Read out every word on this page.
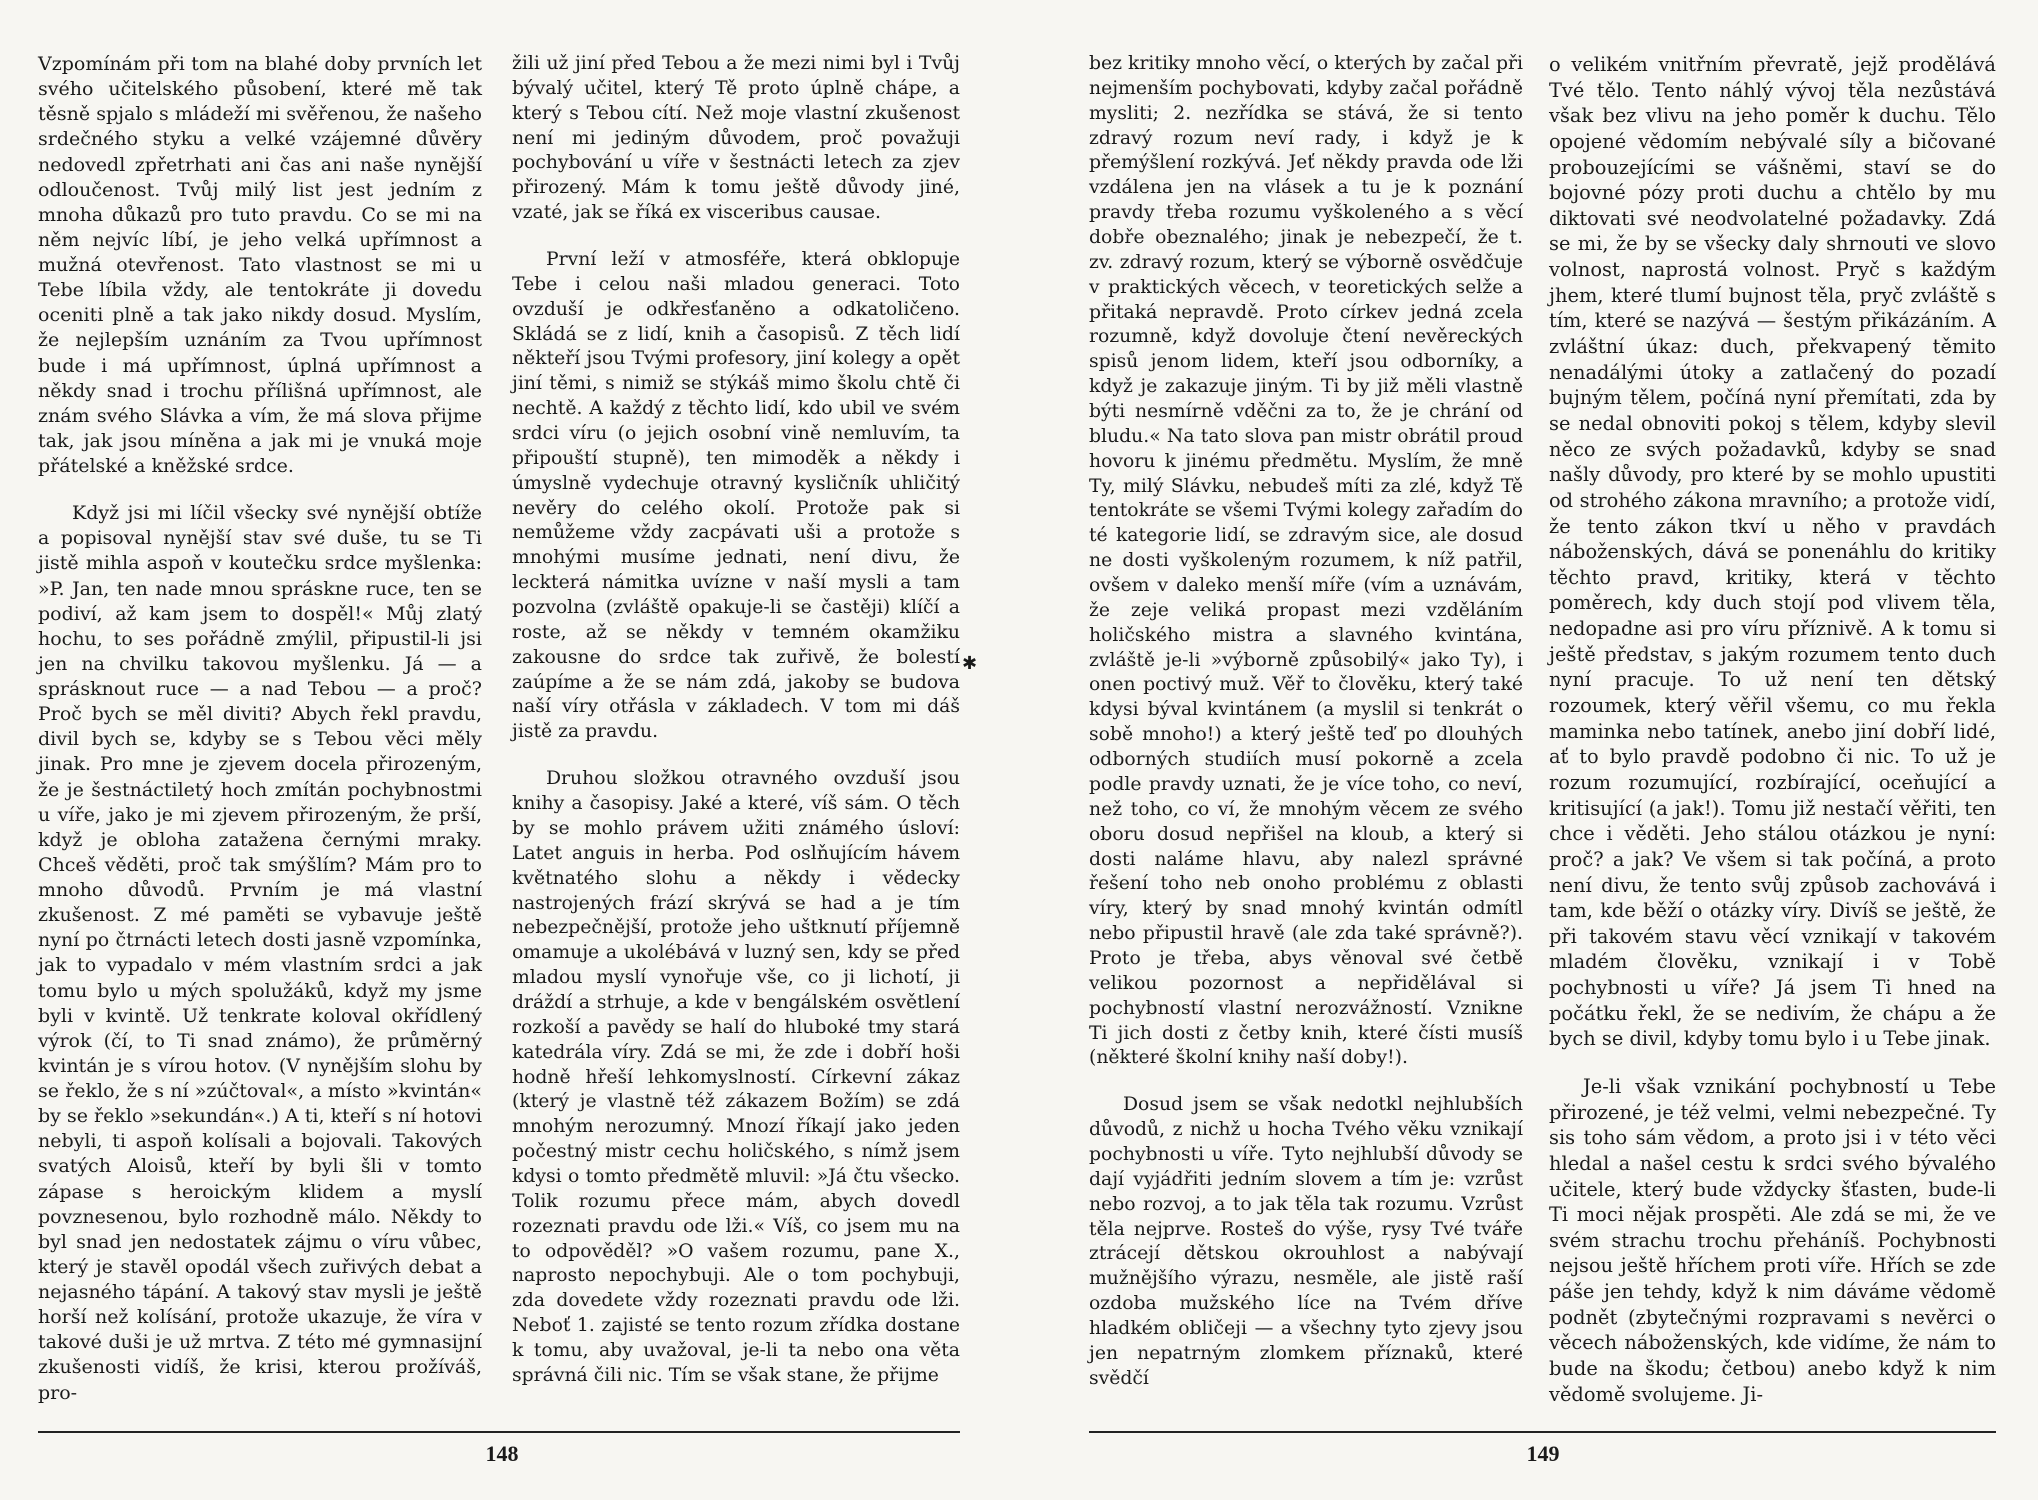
Vzpomínám při tom na blahé doby prvních let svého učitelského působení, které mě tak těsně spjalo s mládeží mi svěřenou, že našeho srdečného styku a velké vzájemné důvěry nedovedl zpřetrhati ani čas ani naše nynější odloučenost. Tvůj milý list jest jedním z mnoha důkazů pro tuto pravdu. Co se mi na něm nejvíc líbí, je jeho velká upřímnost a mužná otevřenost. Tato vlastnost se mi u Tebe líbila vždy, ale tentokráte ji dovedu oceniti plně a tak jako nikdy dosud. Myslím, že nejlepším uznáním za Tvou upřímnost bude i má upřímnost, úplná upřímnost a někdy snad i trochu přílišná upřímnost, ale znám svého Slávka a vím, že má slova přijme tak, jak jsou míněna a jak mi je vnuká moje přátelské a kněžské srdce.

Když jsi mi líčil všecky své nynější obtíže a popisoval nynější stav své duše, tu se Ti jistě mihla aspoň v koutečku srdce myšlenka: »P. Jan, ten nade mnou spráskne ruce, ten se podiví, až kam jsem to dospěl!« Můj zlatý hochu, to ses pořádně zmýlil, připustil-li jsi jen na chvilku takovou myšlenku. Já — a sprásknout ruce — a nad Tebou — a proč? Proč bych se měl diviti? Abych řekl pravdu, divil bych se, kdyby se s Tebou věci měly jinak. Pro mne je zjevem docela přirozeným, že je šestnáctiletý hoch zmítán pochybnostmi u víře, jako je mi zjevem přirozeným, že prší, když je obloha zatažena černými mraky. Chceš věděti, proč tak smýšlím? Mám pro to mnoho důvodů. Prvním je má vlastní zkušenost. Z mé paměti se vybavuje ještě nyní po čtrnácti letech dosti jasně vzpomínka, jak to vypadalo v mém vlastním srdci a jak tomu bylo u mých spolužáků, když my jsme byli v kvintě. Už tenkrate koloval okřídlený výrok (čí, to Ti snad známo), že průměrný kvintán je s vírou hotov. (V nynějším slohu by se řeklo, že s ní »zúčtoval«, a místo »kvintán« by se řeklo »sekundán«.) A ti, kteří s ní hotovi nebyli, ti aspoň kolísali a bojovali. Takových svatých Aloisů, kteří by byli šli v tomto zápase s heroickým klidem a myslí povznesenou, bylo rozhodně málo. Někdy to byl snad jen nedostatek zájmu o víru vůbec, který je stavěl opodál všech zuřivých debat a nejasného tápání. A takový stav mysli je ještě horší než kolísání, protože ukazuje, že víra v takové duši je už mrtva. Z této mé gymnasijní zkušenosti vidíš, že krisi, kterou prožíváš, pro-

žili už jiní před Tebou a že mezi nimi byl i Tvůj bývalý učitel, který Tě proto úplně chápe, a který s Tebou cítí. Než moje vlastní zkušenost není mi jediným důvodem, proč považuji pochybování u víře v šestnácti letech za zjev přirozený. Mám k tomu ještě důvody jiné, vzaté, jak se říká ex visceribus causae.

První leží v atmosféře, která obklopuje Tebe i celou naši mladou generaci. Toto ovzduší je odkřesťaněno a odkatoličeno. Skládá se z lidí, knih a časopisů. Z těch lidí někteří jsou Tvými profesory, jiní kolegy a opět jiní těmi, s nimiž se stýkáš mimo školu chtě či nechtě. A každý z těchto lidí, kdo ubil ve svém srdci víru (o jejich osobní vině nemluvím, ta připouští stupně), ten mimoděk a někdy i úmyslně vydechuje otravný kysličník uhličitý nevěry do celého okolí. Protože pak si nemůžeme vždy zacpávati uši a protože s mnohými musíme jednati, není divu, že leckterá námitka uvízne v naší mysli a tam pozvolna (zvláště opakuje-li se častěji) klíčí a roste, až se někdy v temném okamžiku zakousne do srdce tak zuřivě, že bolestí zaúpíme a že se nám zdá, jakoby se budova naší víry otřásla v základech. V tom mi dáš jistě za pravdu.

Druhou složkou otravného ovzduší jsou knihy a časopisy. Jaké a které, víš sám. O těch by se mohlo právem užiti známého úsloví: Latet anguis in herba. Pod oslňujícím hávem květnatého slohu a někdy i vědecky nastrojených frází skrývá se had a je tím nebezpečnější, protože jeho uštknutí příjemně omamuje a ukolébává v luzný sen, kdy se před mladou myslí vynořuje vše, co ji lichotí, ji dráždí a strhuje, a kde v bengálském osvětlení rozkoší a pavědy se halí do hluboké tmy stará katedrála víry. Zdá se mi, že zde i dobří hoši hodně hřeší lehkomyslností. Církevní zákaz (který je vlastně též zákazem Božím) se zdá mnohým nerozumný. Mnozí říkají jako jeden počestný mistr cechu holičského, s nímž jsem kdysi o tomto předmětě mluvil: »Já čtu všecko. Tolik rozumu přece mám, abych dovedl rozeznati pravdu ode lži.« Víš, co jsem mu na to odpověděl? »O vašem rozumu, pane X., naprosto nepochybuji. Ale o tom pochybuji, zda dovedete vždy rozeznati pravdu ode lži. Neboť 1. zajisté se tento rozum zřídka dostane k tomu, aby uvažoval, je-li ta nebo ona věta správná čili nic. Tím se však stane, že přijme

✱
148

bez kritiky mnoho věcí, o kterých by začal při nejmenším pochybovati, kdyby začal pořádně mysliti; 2. nezřídka se stává, že si tento zdravý rozum neví rady, i když je k přemýšlení rozkývá. Jeť někdy pravda ode lži vzdálena jen na vlásek a tu je k poznání pravdy třeba rozumu vyškoleného a s věcí dobře obeznalého; jinak je nebezpečí, že t. zv. zdravý rozum, který se výborně osvědčuje v praktických věcech, v teoretických selže a přitaká nepravdě. Proto církev jedná zcela rozumně, když dovoluje čtení nevěreckých spisů jenom lidem, kteří jsou odborníky, a když je zakazuje jiným. Ti by již měli vlastně býti nesmírně vděčni za to, že je chrání od bludu.« Na tato slova pan mistr obrátil proud hovoru k jinému předmětu. Myslím, že mně Ty, milý Slávku, nebudeš míti za zlé, když Tě tentokráte se všemi Tvými kolegy zařadím do té kategorie lidí, se zdravým sice, ale dosud ne dosti vyškoleným rozumem, k níž patřil, ovšem v daleko menší míře (vím a uznávám, že zeje veliká propast mezi vzděláním holičského mistra a slavného kvintána, zvláště je-li »výborně způsobilý« jako Ty), i onen poctivý muž. Věř to člověku, který také kdysi býval kvintánem (a myslil si tenkrát o sobě mnoho!) a který ještě teď po dlouhých odborných studiích musí pokorně a zcela podle pravdy uznati, že je více toho, co neví, než toho, co ví, že mnohým věcem ze svého oboru dosud nepřišel na kloub, a který si dosti naláme hlavu, aby nalezl správné řešení toho neb onoho problému z oblasti víry, který by snad mnohý kvintán odmítl nebo připustil hravě (ale zda také správně?). Proto je třeba, abys věnoval své četbě velikou pozornost a nepřidělával si pochybností vlastní nerozvážností. Vznikne Ti jich dosti z četby knih, které čísti musíš (některé školní knihy naší doby!).

Dosud jsem se však nedotkl nejhlubších důvodů, z nichž u hocha Tvého věku vznikají pochybnosti u víře. Tyto nejhlubší důvody se dají vyjádřiti jedním slovem a tím je: vzrůst nebo rozvoj, a to jak těla tak rozumu. Vzrůst těla nejprve. Rosteš do výše, rysy Tvé tváře ztrácejí dětskou okrouhlost a nabývají mužnějšího výrazu, nesměle, ale jistě raší ozdoba mužského líce na Tvém dříve hladkém obličeji — a všechny tyto zjevy jsou jen nepatrným zlomkem příznaků, které svědčí

o velikém vnitřním převratě, jejž prodělává Tvé tělo. Tento náhlý vývoj těla nezůstává však bez vlivu na jeho poměr k duchu. Tělo opojené vědomím nebývalé síly a bičované probouzejícími se vášněmi, staví se do bojovné pózy proti duchu a chtělo by mu diktovati své neodvolatelné požadavky. Zdá se mi, že by se všecky daly shrnouti ve slovo volnost, naprostá volnost. Pryč s každým jhem, které tlumí bujnost těla, pryč zvláště s tím, které se nazývá — šestým přikázáním. A zvláštní úkaz: duch, překvapený těmito nenadálými útoky a zatlačený do pozadí bujným tělem, počíná nyní přemítati, zda by se nedal obnoviti pokoj s tělem, kdyby slevil něco ze svých požadavků, kdyby se snad našly důvody, pro které by se mohlo upustiti od strohého zákona mravního; a protože vidí, že tento zákon tkví u něho v pravdách náboženských, dává se ponenáhlu do kritiky těchto pravd, kritiky, která v těchto poměrech, kdy duch stojí pod vlivem těla, nedopadne asi pro víru příznivě. A k tomu si ještě představ, s jakým rozumem tento duch nyní pracuje. To už není ten dětský rozoumek, který věřil všemu, co mu řekla maminka nebo tatínek, anebo jiní dobří lidé, ať to bylo pravdě podobno či nic. To už je rozum rozumující, rozbírající, oceňující a kritisující (a jak!). Tomu již nestačí věřiti, ten chce i věděti. Jeho stálou otázkou je nyní: proč? a jak? Ve všem si tak počíná, a proto není divu, že tento svůj způsob zachovává i tam, kde běží o otázky víry. Divíš se ještě, že při takovém stavu věcí vznikají v takovém mladém člověku, vznikají i v Tobě pochybnosti u víře? Já jsem Ti hned na počátku řekl, že se nedivím, že chápu a že bych se divil, kdyby tomu bylo i u Tebe jinak.

Je-li však vznikání pochybností u Tebe přirozené, je též velmi, velmi nebezpečné. Ty sis toho sám vědom, a proto jsi i v této věci hledal a našel cestu k srdci svého bývalého učitele, který bude vždycky šťasten, bude-li Ti moci nějak prospěti. Ale zdá se mi, že ve svém strachu trochu přeháníš. Pochybnosti nejsou ještě hříchem proti víře. Hřích se zde páše jen tehdy, když k nim dáváme vědomě podnět (zbytečnými rozpravami s nevěrci o věcech náboženských, kde vidíme, že nám to bude na škodu; četbou) anebo když k nim vědomě svolujeme. Ji-

149
